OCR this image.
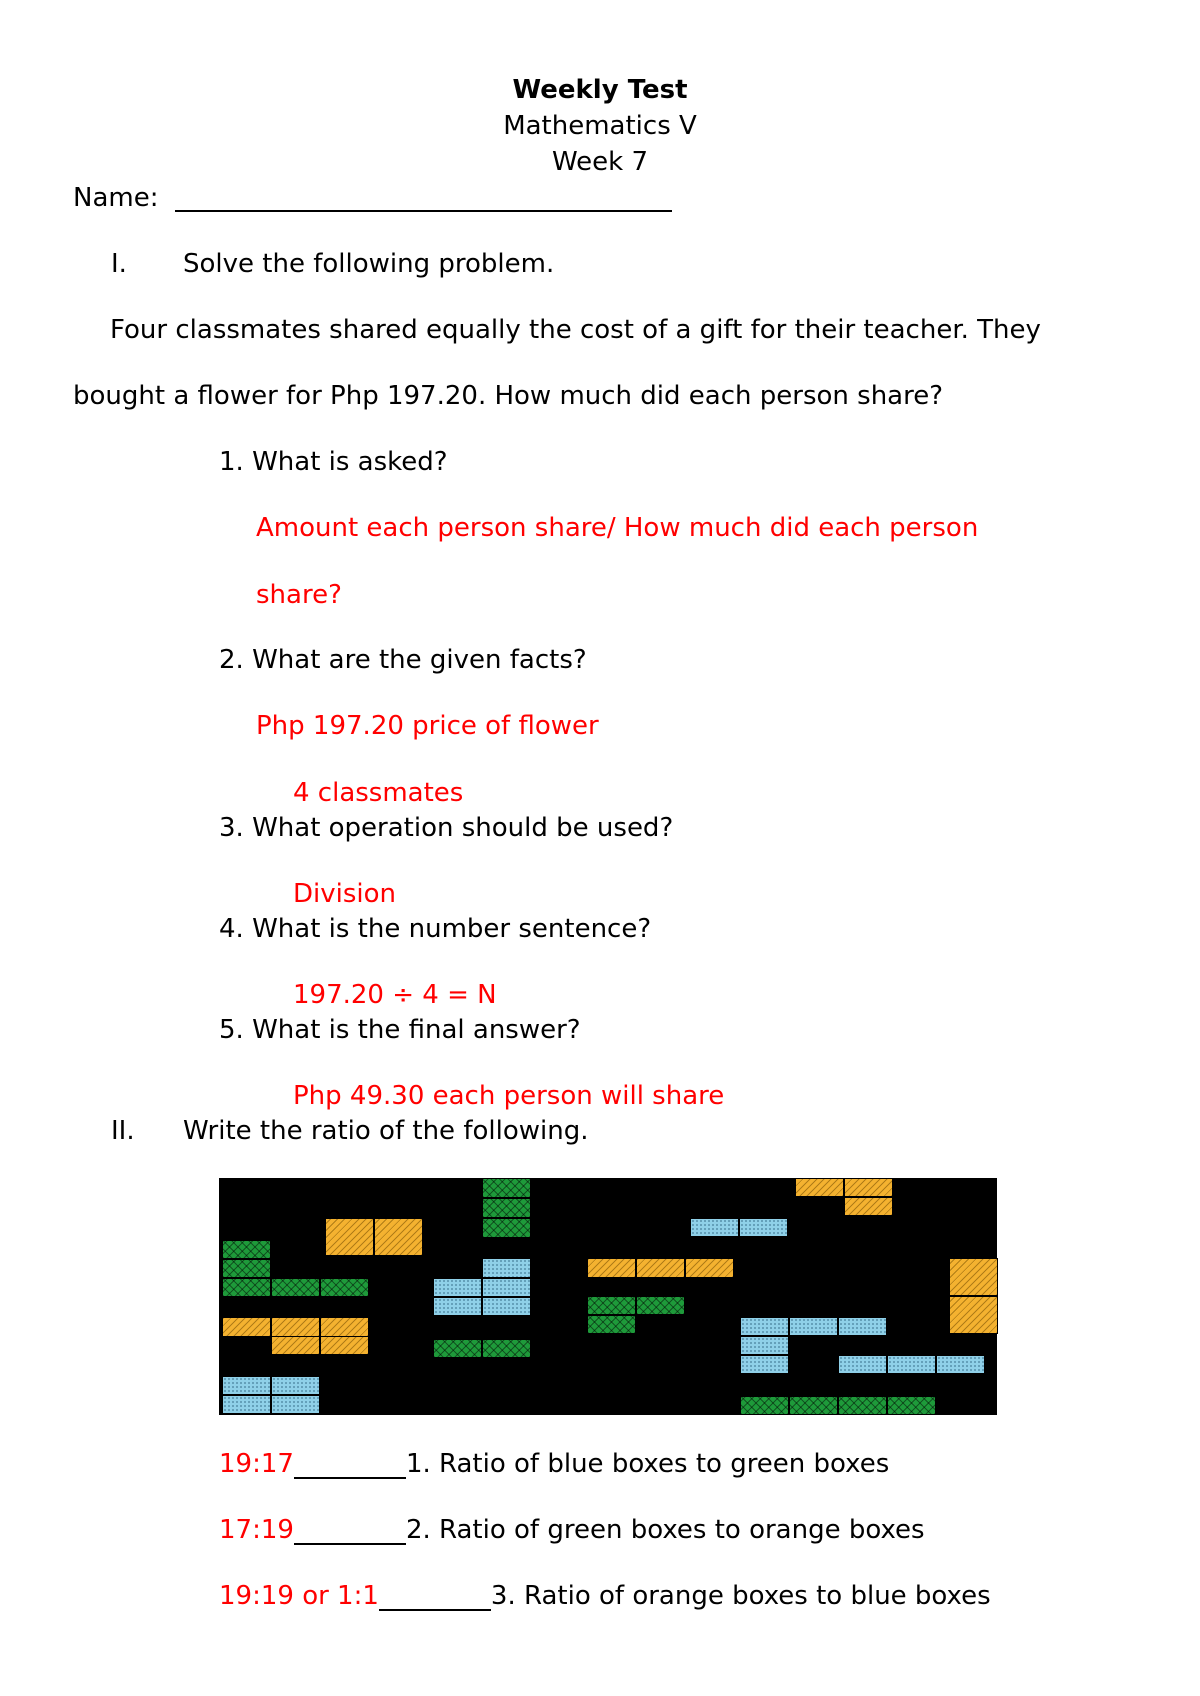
Weekly Test
Mathematics V
Week 7
Name:
I. Solve the following problem.
Four classmates shared equally the cost of a gift for their teacher. They
bought a flower for Php 197.20. How much did each person share?
1. What is asked?
Amount each person share/ How much did each person
share?
2. What are the given facts?
Php 197.20 price of flower
4 classmates
3. What operation should be used?
Division
4. What is the number sentence?
197.20 ÷ 4 = N
5. What is the final answer?
Php 49.30 each person will share
II. Write the ratio of the following.
19:17	1. Ratio of blue boxes to green boxes
17:19	2. Ratio of green boxes to orange boxes
19:19 or 1:1	3. Ratio of orange boxes to blue boxes
